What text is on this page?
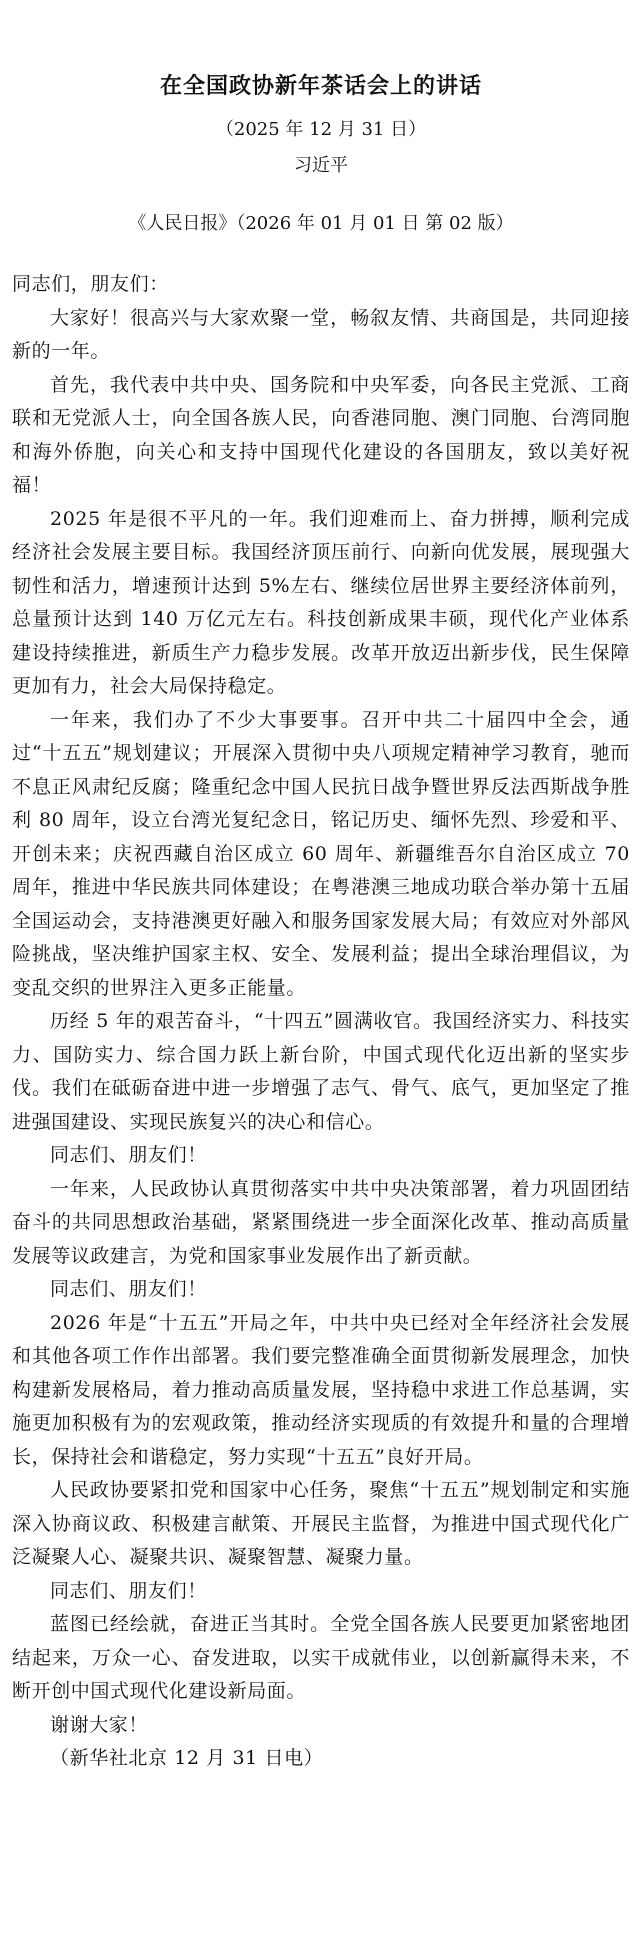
在全国政协新年茶话会上的讲话
（2025 年 12 月 31 日）
习近平
《人民日报》（2026 年 01 月 01 日 第 02 版）

同志们，朋友们：

大家好！很高兴与大家欢聚一堂，畅叙友情、共商国是，共同迎接新的一年。

首先，我代表中共中央、国务院和中央军委，向各民主党派、工商联和无党派人士，向全国各族人民，向香港同胞、澳门同胞、台湾同胞和海外侨胞，向关心和支持中国现代化建设的各国朋友，致以美好祝福！

2025 年是很不平凡的一年。我们迎难而上、奋力拼搏，顺利完成经济社会发展主要目标。我国经济顶压前行、向新向优发展，展现强大韧性和活力，增速预计达到 5%左右、继续位居世界主要经济体前列，总量预计达到 140 万亿元左右。科技创新成果丰硕，现代化产业体系建设持续推进，新质生产力稳步发展。改革开放迈出新步伐，民生保障更加有力，社会大局保持稳定。

一年来，我们办了不少大事要事。召开中共二十届四中全会，通过“十五五”规划建议；开展深入贯彻中央八项规定精神学习教育，驰而不息正风肃纪反腐；隆重纪念中国人民抗日战争暨世界反法西斯战争胜利 80 周年，设立台湾光复纪念日，铭记历史、缅怀先烈、珍爱和平、开创未来；庆祝西藏自治区成立 60 周年、新疆维吾尔自治区成立 70 周年，推进中华民族共同体建设；在粤港澳三地成功联合举办第十五届全国运动会，支持港澳更好融入和服务国家发展大局；有效应对外部风险挑战，坚决维护国家主权、安全、发展利益；提出全球治理倡议，为变乱交织的世界注入更多正能量。

历经 5 年的艰苦奋斗，“十四五”圆满收官。我国经济实力、科技实力、国防实力、综合国力跃上新台阶，中国式现代化迈出新的坚实步伐。我们在砥砺奋进中进一步增强了志气、骨气、底气，更加坚定了推进强国建设、实现民族复兴的决心和信心。

同志们、朋友们！

一年来，人民政协认真贯彻落实中共中央决策部署，着力巩固团结奋斗的共同思想政治基础，紧紧围绕进一步全面深化改革、推动高质量发展等议政建言，为党和国家事业发展作出了新贡献。

同志们、朋友们！

2026 年是“十五五”开局之年，中共中央已经对全年经济社会发展和其他各项工作作出部署。我们要完整准确全面贯彻新发展理念，加快构建新发展格局，着力推动高质量发展，坚持稳中求进工作总基调，实施更加积极有为的宏观政策，推动经济实现质的有效提升和量的合理增长，保持社会和谐稳定，努力实现“十五五”良好开局。

人民政协要紧扣党和国家中心任务，聚焦“十五五”规划制定和实施深入协商议政、积极建言献策、开展民主监督，为推进中国式现代化广泛凝聚人心、凝聚共识、凝聚智慧、凝聚力量。

同志们、朋友们！

蓝图已经绘就，奋进正当其时。全党全国各族人民要更加紧密地团结起来，万众一心、奋发进取，以实干成就伟业，以创新赢得未来，不断开创中国式现代化建设新局面。

谢谢大家！

（新华社北京 12 月 31 日电）
